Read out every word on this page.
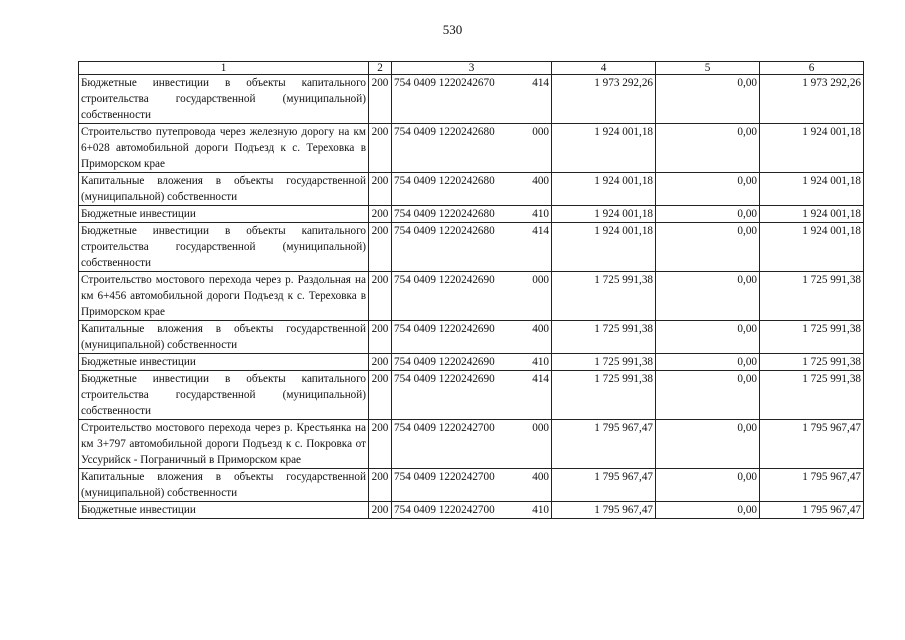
530
1	2	3	4	5	6
Бюджетные инвестиции в объекты капитального строительства государственной (муниципальной) собственности	200	754 0409 1220242670 414	1 973 292,26	0,00	1 973 292,26
Строительство путепровода через железную дорогу на км 6+028 автомобильной дороги Подъезд к с. Тереховка в Приморском крае	200	754 0409 1220242680 000	1 924 001,18	0,00	1 924 001,18
Капитальные вложения в объекты государственной (муниципальной) собственности	200	754 0409 1220242680 400	1 924 001,18	0,00	1 924 001,18
Бюджетные инвестиции	200	754 0409 1220242680 410	1 924 001,18	0,00	1 924 001,18
Бюджетные инвестиции в объекты капитального строительства государственной (муниципальной) собственности	200	754 0409 1220242680 414	1 924 001,18	0,00	1 924 001,18
Строительство мостового перехода через р. Раздольная на км 6+456 автомобильной дороги Подъезд к с. Тереховка в Приморском крае	200	754 0409 1220242690 000	1 725 991,38	0,00	1 725 991,38
Капитальные вложения в объекты государственной (муниципальной) собственности	200	754 0409 1220242690 400	1 725 991,38	0,00	1 725 991,38
Бюджетные инвестиции	200	754 0409 1220242690 410	1 725 991,38	0,00	1 725 991,38
Бюджетные инвестиции в объекты капитального строительства государственной (муниципальной) собственности	200	754 0409 1220242690 414	1 725 991,38	0,00	1 725 991,38
Строительство мостового перехода через р. Крестьянка на км 3+797 автомобильной дороги Подъезд к с. Покровка от Уссурийск - Пограничный в Приморском крае	200	754 0409 1220242700 000	1 795 967,47	0,00	1 795 967,47
Капитальные вложения в объекты государственной (муниципальной) собственности	200	754 0409 1220242700 400	1 795 967,47	0,00	1 795 967,47
Бюджетные инвестиции	200	754 0409 1220242700 410	1 795 967,47	0,00	1 795 967,47
